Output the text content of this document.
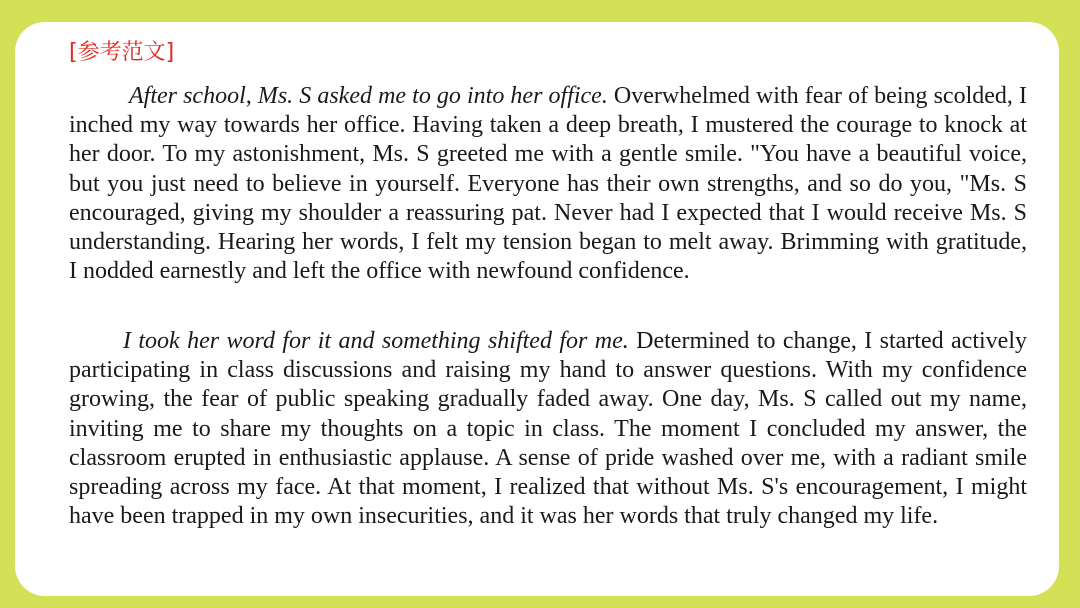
[参考范文]

After school, Ms. S asked me to go into her office. Overwhelmed with fear of being scolded, I inched my way towards her office. Having taken a deep breath, I mustered the courage to knock at her door. To my astonishment, Ms. S greeted me with a gentle smile. "You have a beautiful voice, but you just need to believe in yourself. Everyone has their own strengths, and so do you, "Ms. S encouraged, giving my shoulder a reassuring pat. Never had I expected that I would receive Ms. S understanding. Hearing her words, I felt my tension began to melt away. Brimming with gratitude, I nodded earnestly and left the office with newfound confidence.

I took her word for it and something shifted for me. Determined to change, I started actively participating in class discussions and raising my hand to answer questions. With my confidence growing, the fear of public speaking gradually faded away. One day, Ms. S called out my name, inviting me to share my thoughts on a topic in class. The moment I concluded my answer, the classroom erupted in enthusiastic applause. A sense of pride washed over me, with a radiant smile spreading across my face. At that moment, I realized that without Ms. S's encouragement, I might have been trapped in my own insecurities, and it was her words that truly changed my life.
